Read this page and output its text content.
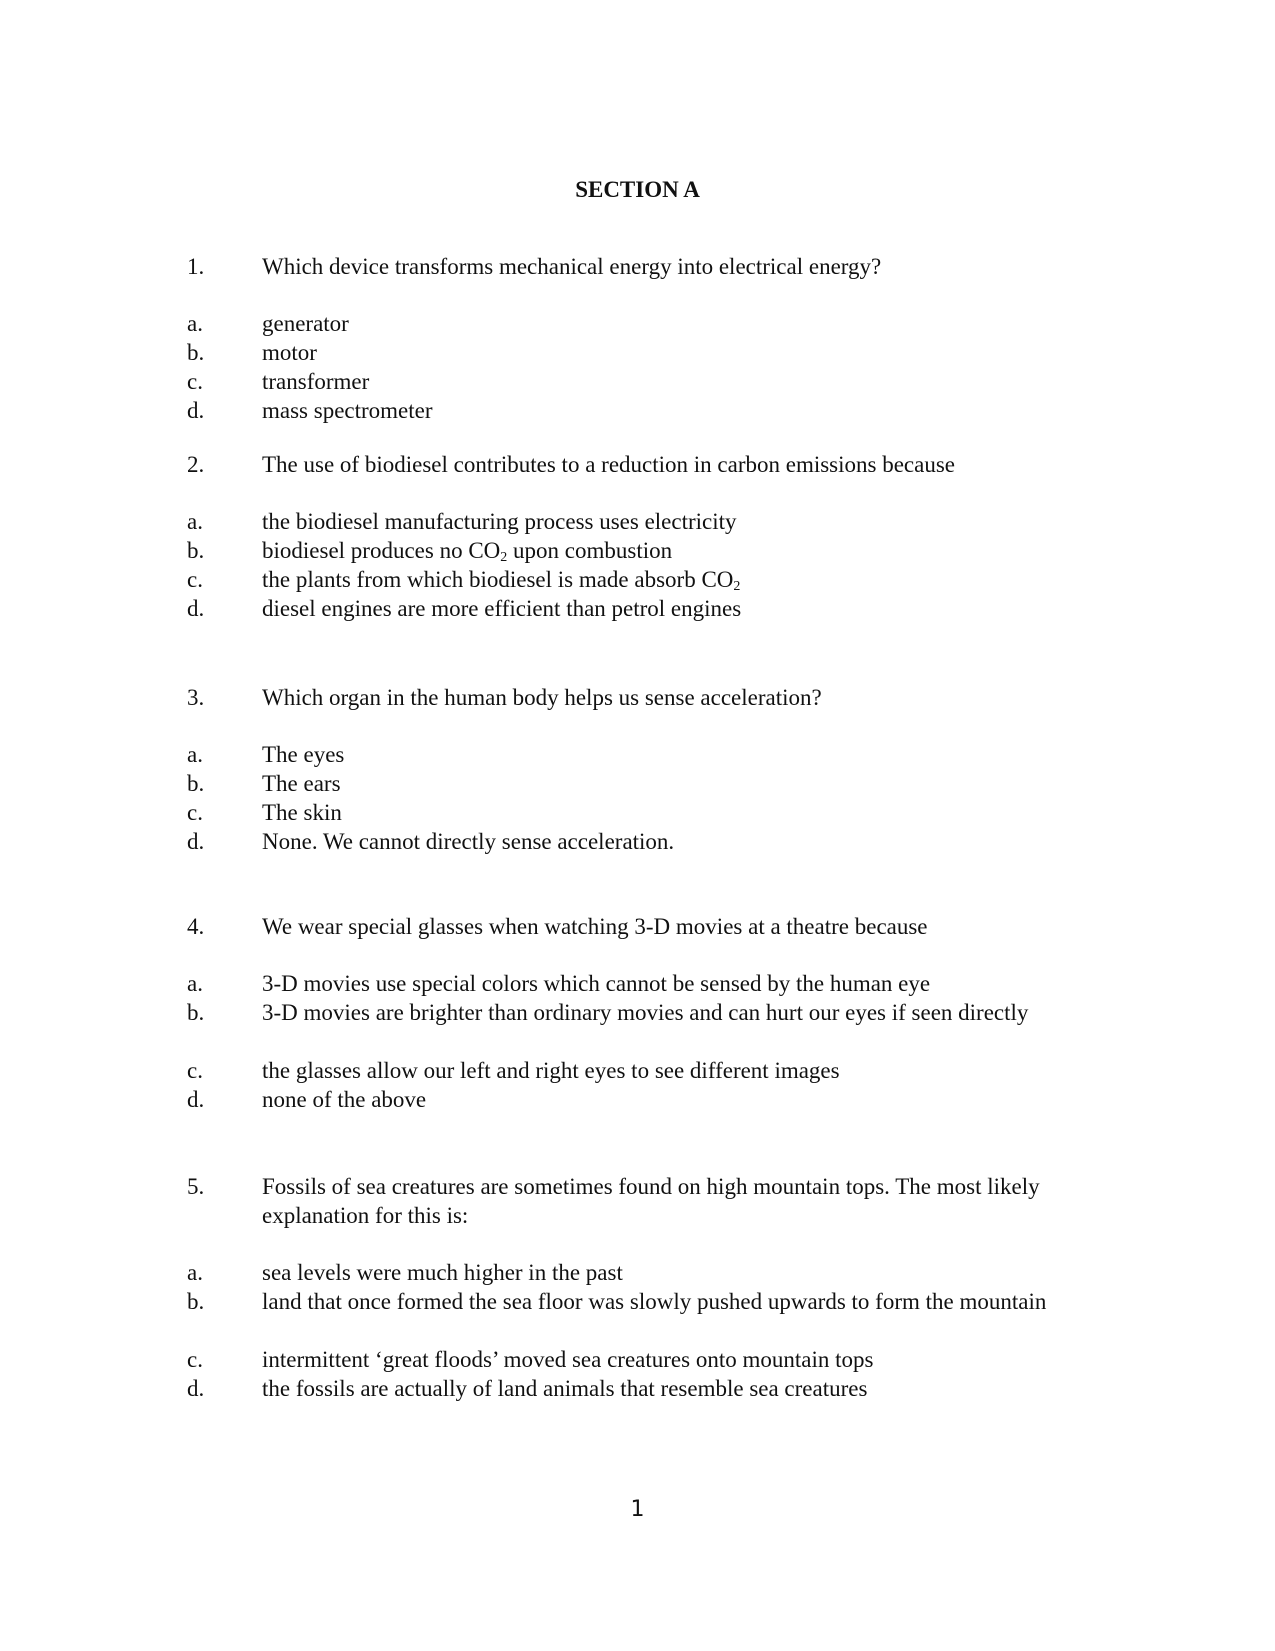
SECTION A
1.	Which device transforms mechanical energy into electrical energy?
a.	generator
b.	motor
c.	transformer
d.	mass spectrometer
2.	The use of biodiesel contributes to a reduction in carbon emissions because
a.	the biodiesel manufacturing process uses electricity
b.	biodiesel produces no $CO_2$ upon combustion
c.	the plants from which biodiesel is made absorb $CO_2$
d.	diesel engines are more efficient than petrol engines
3.	Which organ in the human body helps us sense acceleration?
a.	The eyes
b.	The ears
c.	The skin
d.	None. We cannot directly sense acceleration.
4.	We wear special glasses when watching 3-D movies at a theatre because
a.	3-D movies use special colors which cannot be sensed by the human eye
b.	3-D movies are brighter than ordinary movies and can hurt our eyes if seen directly
c.	the glasses allow our left and right eyes to see different images
d.	none of the above
5.	Fossils of sea creatures are sometimes found on high mountain tops. The most likely explanation for this is:
a.	sea levels were much higher in the past
b.	land that once formed the sea floor was slowly pushed upwards to form the mountain
c.	intermittent ‘great floods’ moved sea creatures onto mountain tops
d.	the fossils are actually of land animals that resemble sea creatures
1
